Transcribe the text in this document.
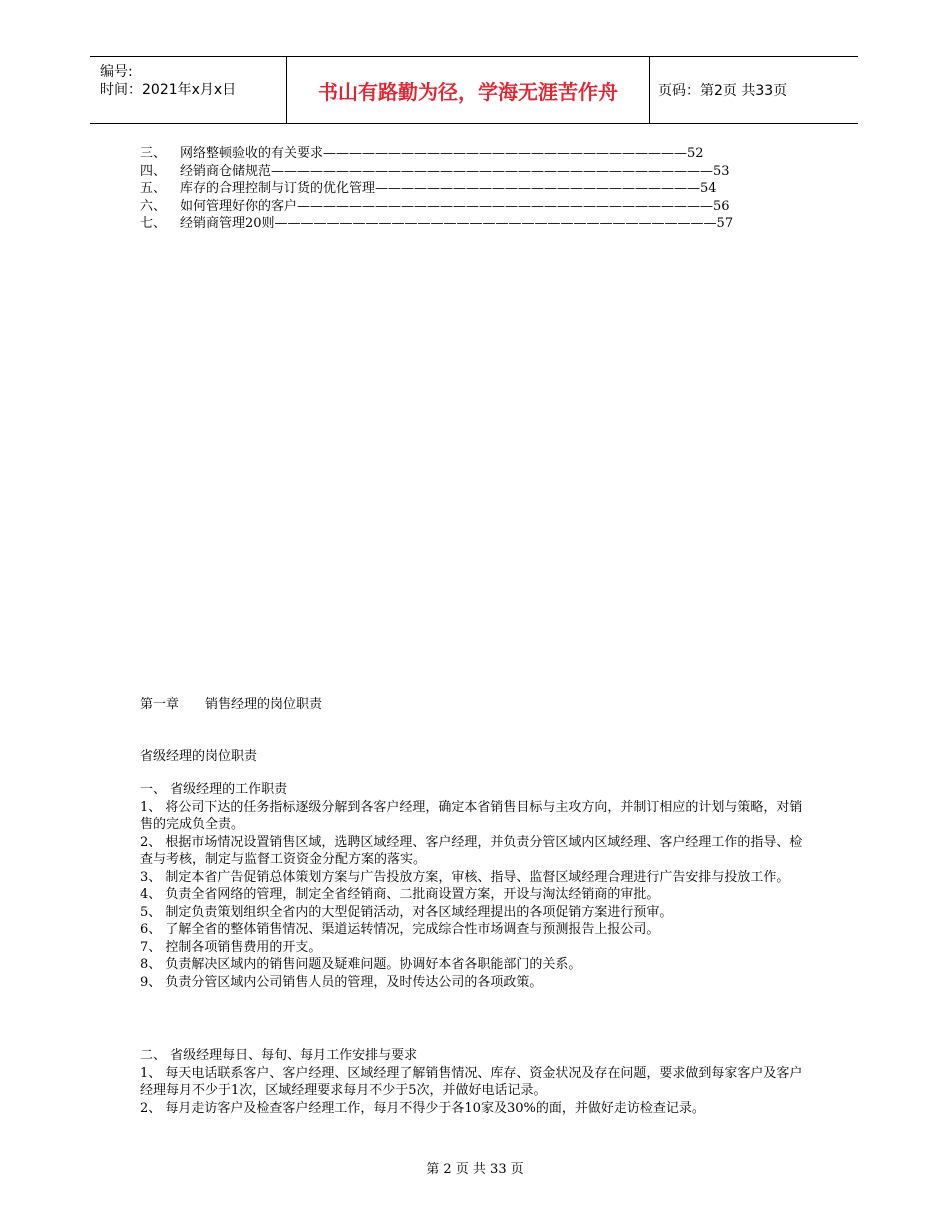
编号:
时间：2021年x月x日	书山有路勤为径，学海无涯苦作舟	页码：第2页 共33页
三、 网络整顿验收的有关要求————————————————————————————52
四、 经销商仓储规范——————————————————————————————————53
五、 库存的合理控制与订货的优化管理—————————————————————————54
六、 如何管理好你的客户————————————————————————————————56
七、 经销商管理20则——————————————————————————————————57
第一章 销售经理的岗位职责
省级经理的岗位职责

一、 省级经理的工作职责

1、 将公司下达的任务指标逐级分解到各客户经理，确定本省销售目标与主攻方向，并制订相应的计划与策略，对销售的完成负全责。

2、 根据市场情况设置销售区域，选聘区域经理、客户经理，并负责分管区域内区域经理、客户经理工作的指导、检查与考核，制定与监督工资资金分配方案的落实。

3、 制定本省广告促销总体策划方案与广告投放方案，审核、指导、监督区域经理合理进行广告安排与投放工作。

4、 负责全省网络的管理，制定全省经销商、二批商设置方案，开设与淘汰经销商的审批。

5、 制定负责策划组织全省内的大型促销活动，对各区域经理提出的各项促销方案进行预审。

6、 了解全省的整体销售情况、渠道运转情况，完成综合性市场调查与预测报告上报公司。

7、 控制各项销售费用的开支。

8、 负责解决区域内的销售问题及疑难问题。协调好本省各职能部门的关系。

9、 负责分管区域内公司销售人员的管理，及时传达公司的各项政策。

二、 省级经理每日、每旬、每月工作安排与要求

1、 每天电话联系客户、客户经理、区域经理了解销售情况、库存、资金状况及存在问题，要求做到每家客户及客户经理每月不少于1次，区域经理要求每月不少于5次，并做好电话记录。

2、 每月走访客户及检查客户经理工作，每月不得少于各10家及30%的面，并做好走访检查记录。

第 2 页 共 33 页
